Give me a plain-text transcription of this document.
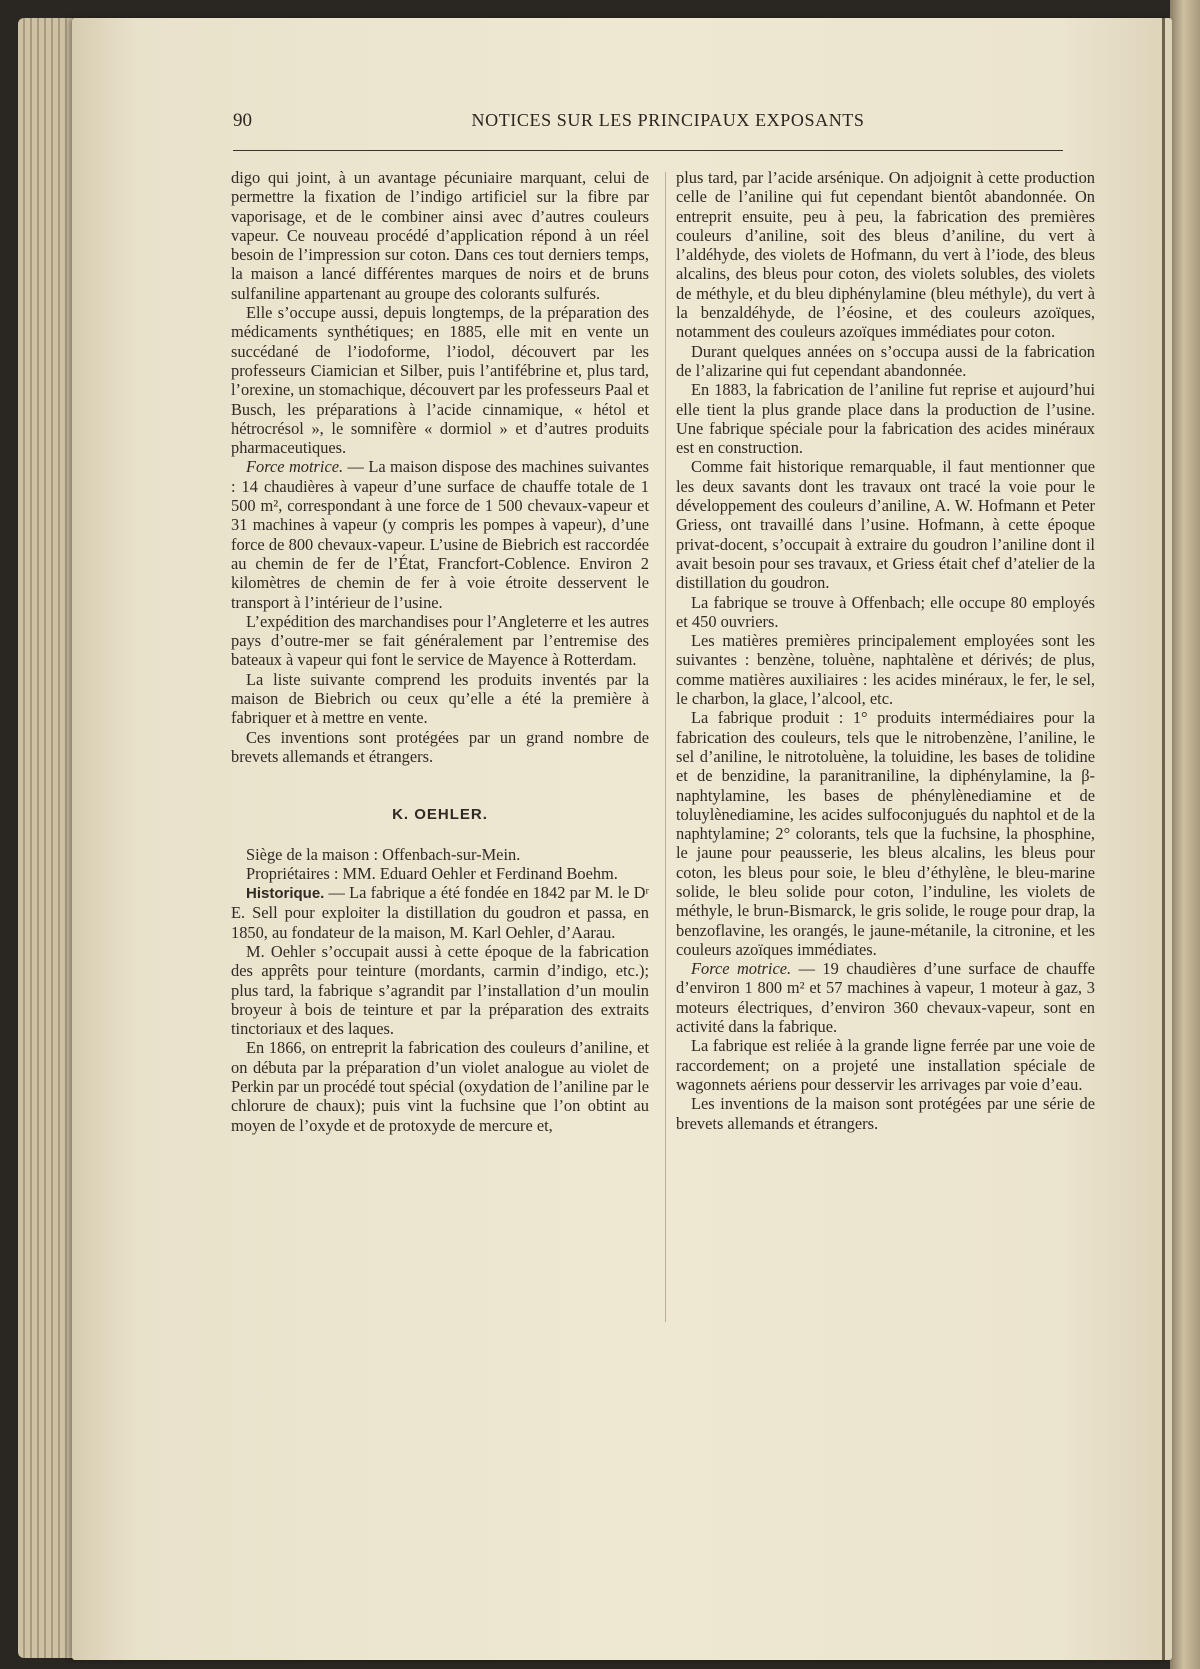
90	NOTICES SUR LES PRINCIPAUX EXPOSANTS

digo qui joint, à un avantage pécuniaire marquant, celui de permettre la fixation de l’indigo artificiel sur la fibre par vaporisage, et de le combiner ainsi avec d’autres couleurs vapeur. Ce nouveau procédé d’application répond à un réel besoin de l’impression sur coton. Dans ces tout derniers temps, la maison a lancé différentes marques de noirs et de bruns sulfaniline appartenant au groupe des colorants sulfurés.

Elle s’occupe aussi, depuis longtemps, de la préparation des médicaments synthétiques; en 1885, elle mit en vente un succédané de l’iodoforme, l’iodol, découvert par les professeurs Ciamician et Silber, puis l’antifébrine et, plus tard, l’orexine, un stomachique, découvert par les professeurs Paal et Busch, les préparations à l’acide cinnamique, « hétol et hétrocrésol », le somnifère « dormiol » et d’autres produits pharmaceutiques.

Force motrice. — La maison dispose des machines suivantes : 14 chaudières à vapeur d’une surface de chauffe totale de 1 500 m², correspondant à une force de 1 500 chevaux-vapeur et 31 machines à vapeur (y compris les pompes à vapeur), d’une force de 800 chevaux-vapeur. L’usine de Biebrich est raccordée au chemin de fer de l’État, Francfort-Coblence. Environ 2 kilomètres de chemin de fer à voie étroite desservent le transport à l’intérieur de l’usine.

L’expédition des marchandises pour l’Angleterre et les autres pays d’outre-mer se fait généralement par l’entremise des bateaux à vapeur qui font le service de Mayence à Rotterdam.

La liste suivante comprend les produits inventés par la maison de Biebrich ou ceux qu’elle a été la première à fabriquer et à mettre en vente.

Ces inventions sont protégées par un grand nombre de brevets allemands et étrangers.

K. OEHLER.

Siège de la maison : Offenbach-sur-Mein.

Propriétaires : MM. Eduard Oehler et Ferdinand Boehm.

Historique. — La fabrique a été fondée en 1842 par M. le Dʳ E. Sell pour exploiter la distillation du goudron et passa, en 1850, au fondateur de la maison, M. Karl Oehler, d’Aarau.

M. Oehler s’occupait aussi à cette époque de la fabrication des apprêts pour teinture (mordants, carmin d’indigo, etc.); plus tard, la fabrique s’agrandit par l’installation d’un moulin broyeur à bois de teinture et par la préparation des extraits tinctoriaux et des laques.

En 1866, on entreprit la fabrication des couleurs d’aniline, et on débuta par la préparation d’un violet analogue au violet de Perkin par un procédé tout spécial (oxydation de l’aniline par le chlorure de chaux); puis vint la fuchsine que l’on obtint au moyen de l’oxyde et de protoxyde de mercure et,

plus tard, par l’acide arsénique. On adjoignit à cette production celle de l’aniline qui fut cependant bientôt abandonnée. On entreprit ensuite, peu à peu, la fabrication des premières couleurs d’aniline, soit des bleus d’aniline, du vert à l’aldéhyde, des violets de Hofmann, du vert à l’iode, des bleus alcalins, des bleus pour coton, des violets solubles, des violets de méthyle, et du bleu diphénylamine (bleu méthyle), du vert à la benzaldéhyde, de l’éosine, et des couleurs azoïques, notamment des couleurs azoïques immédiates pour coton.

Durant quelques années on s’occupa aussi de la fabrication de l’alizarine qui fut cependant abandonnée.

En 1883, la fabrication de l’aniline fut reprise et aujourd’hui elle tient la plus grande place dans la production de l’usine. Une fabrique spéciale pour la fabrication des acides minéraux est en construction.

Comme fait historique remarquable, il faut mentionner que les deux savants dont les travaux ont tracé la voie pour le développement des couleurs d’aniline, A. W. Hofmann et Peter Griess, ont travaillé dans l’usine. Hofmann, à cette époque privat-docent, s’occupait à extraire du goudron l’aniline dont il avait besoin pour ses travaux, et Griess était chef d’atelier de la distillation du goudron.

La fabrique se trouve à Offenbach; elle occupe 80 employés et 450 ouvriers.

Les matières premières principalement employées sont les suivantes : benzène, toluène, naphtalène et dérivés; de plus, comme matières auxiliaires : les acides minéraux, le fer, le sel, le charbon, la glace, l’alcool, etc.

La fabrique produit : 1° produits intermédiaires pour la fabrication des couleurs, tels que le nitrobenzène, l’aniline, le sel d’aniline, le nitrotoluène, la toluidine, les bases de tolidine et de benzidine, la paranitraniline, la diphénylamine, la β-naphtylamine, les bases de phénylènediamine et de toluylènediamine, les acides sulfoconjugués du naphtol et de la naphtylamine; 2° colorants, tels que la fuchsine, la phosphine, le jaune pour peausserie, les bleus alcalins, les bleus pour coton, les bleus pour soie, le bleu d’éthylène, le bleu-marine solide, le bleu solide pour coton, l’induline, les violets de méthyle, le brun-Bismarck, le gris solide, le rouge pour drap, la benzoflavine, les orangés, le jaune-métanile, la citronine, et les couleurs azoïques immédiates.

Force motrice. — 19 chaudières d’une surface de chauffe d’environ 1 800 m² et 57 machines à vapeur, 1 moteur à gaz, 3 moteurs électriques, d’environ 360 chevaux-vapeur, sont en activité dans la fabrique.

La fabrique est reliée à la grande ligne ferrée par une voie de raccordement; on a projeté une installation spéciale de wagonnets aériens pour desservir les arrivages par voie d’eau.

Les inventions de la maison sont protégées par une série de brevets allemands et étrangers.
